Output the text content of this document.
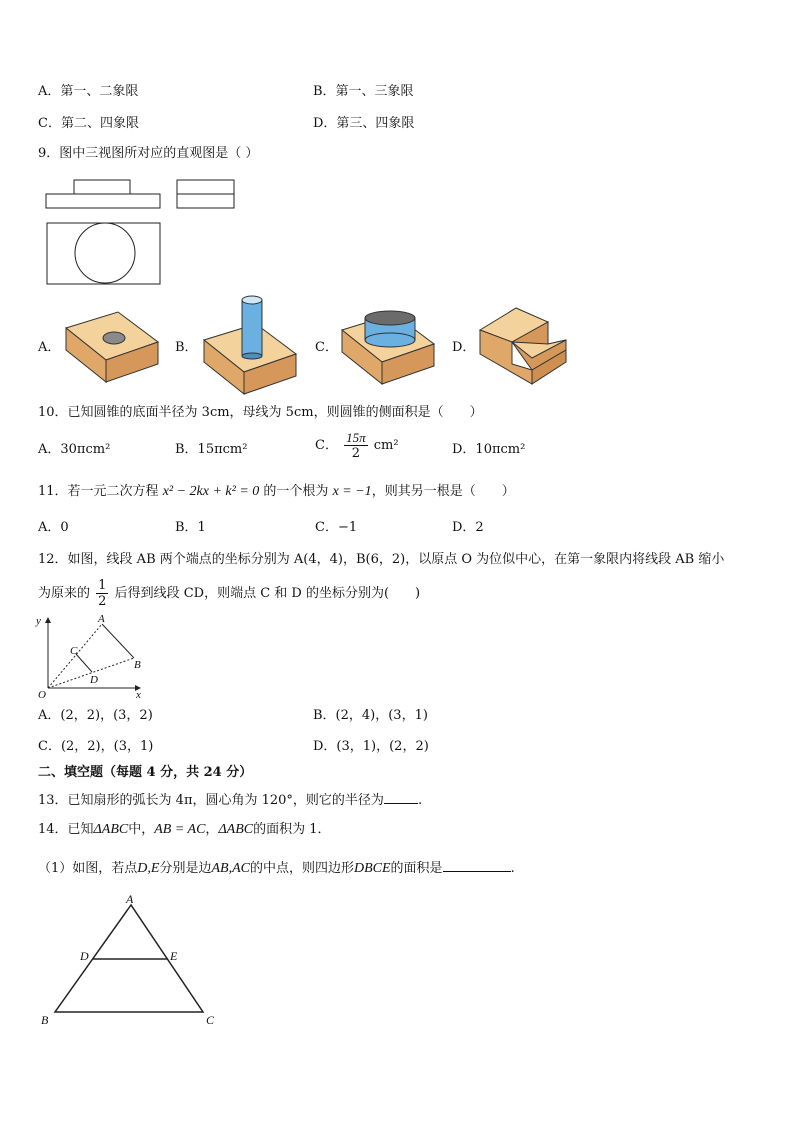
A．第一、二象限	B．第一、三象限
C．第二、四象限	D．第三、四象限
9．图中三视图所对应的直观图是（ ）
A．	B．	C．	D．
10．已知圆锥的底面半径为 3cm，母线为 5cm，则圆锥的侧面积是（　　）
A．30πcm²	B．15πcm²	C． $\frac{15\pi}{2} cm^2$	D．10πcm²
11．若一元二次方程 x² − 2kx + k² = 0 的一个根为 x = −1，则其另一根是（　　）
A．0	B．1	C．−1	D．2
12．如图，线段 AB 两个端点的坐标分别为 A(4，4)，B(6，2)，以原点 O 为位似中心，在第一象限内将线段 AB 缩小
为原来的 $\frac{1}{2}$ 后得到线段 CD，则端点 C 和 D 的坐标分别为(　　)
y
x
O
A
B
C
D
A．(2，2)，(3，2)	B．(2，4)，(3，1)
C．(2，2)，(3，1)	D．(3，1)，(2，2)
二、填空题（每题 4 分，共 24 分）
13．已知扇形的弧长为 4π，圆心角为 120°，则它的半径为	.
14．已知ΔABC中，AB = AC，ΔABC的面积为 1．
（1）如图，若点D,E分别是边AB,AC的中点，则四边形DBCE的面积是	.
A
D	E
B	C
